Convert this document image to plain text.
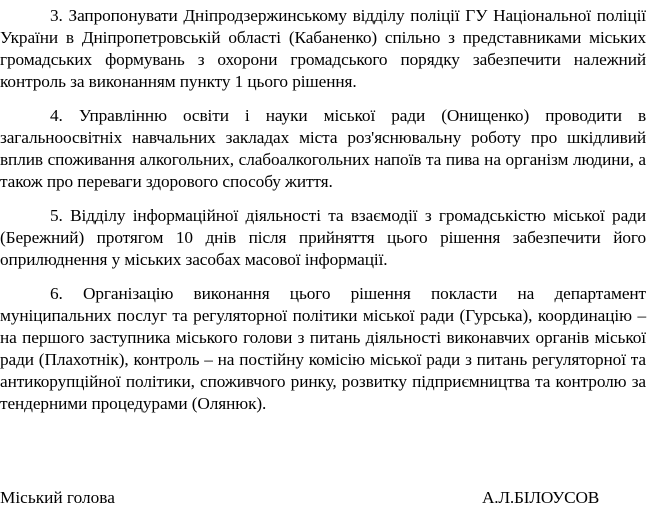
3. Запропонувати Дніпродзержинському відділу поліції ГУ Національної поліції України в Дніпропетровській області (Кабаненко) спільно з представниками міських громадських формувань з охорони громадського порядку забезпечити належний контроль за виконанням пункту 1 цього рішення.

4. Управлінню освіти і науки міської ради (Онищенко) проводити в загальноосвітніх навчальних закладах міста роз'яснювальну роботу про шкідливий вплив споживання алкогольних, слабоалкогольних напоїв та пива на організм людини, а також про переваги здорового способу життя.

5. Відділу інформаційної діяльності та взаємодії з громадськістю міської ради (Бережний) протягом 10 днів після прийняття цього рішення забезпечити його оприлюднення у міських засобах масової інформації.

6. Організацію виконання цього рішення покласти на департамент муніципальних послуг та регуляторної політики міської ради (Гурська), координацію – на першого заступника міського голови з питань діяльності виконавчих органів міської ради (Плахотнік), контроль – на постійну комісію міської ради з питань регуляторної та антикорупційної політики, споживчого ринку, розвитку підприємництва та контролю за тендерними процедурами (Олянюк).

Міський голова	А.Л.БІЛОУСОВ
